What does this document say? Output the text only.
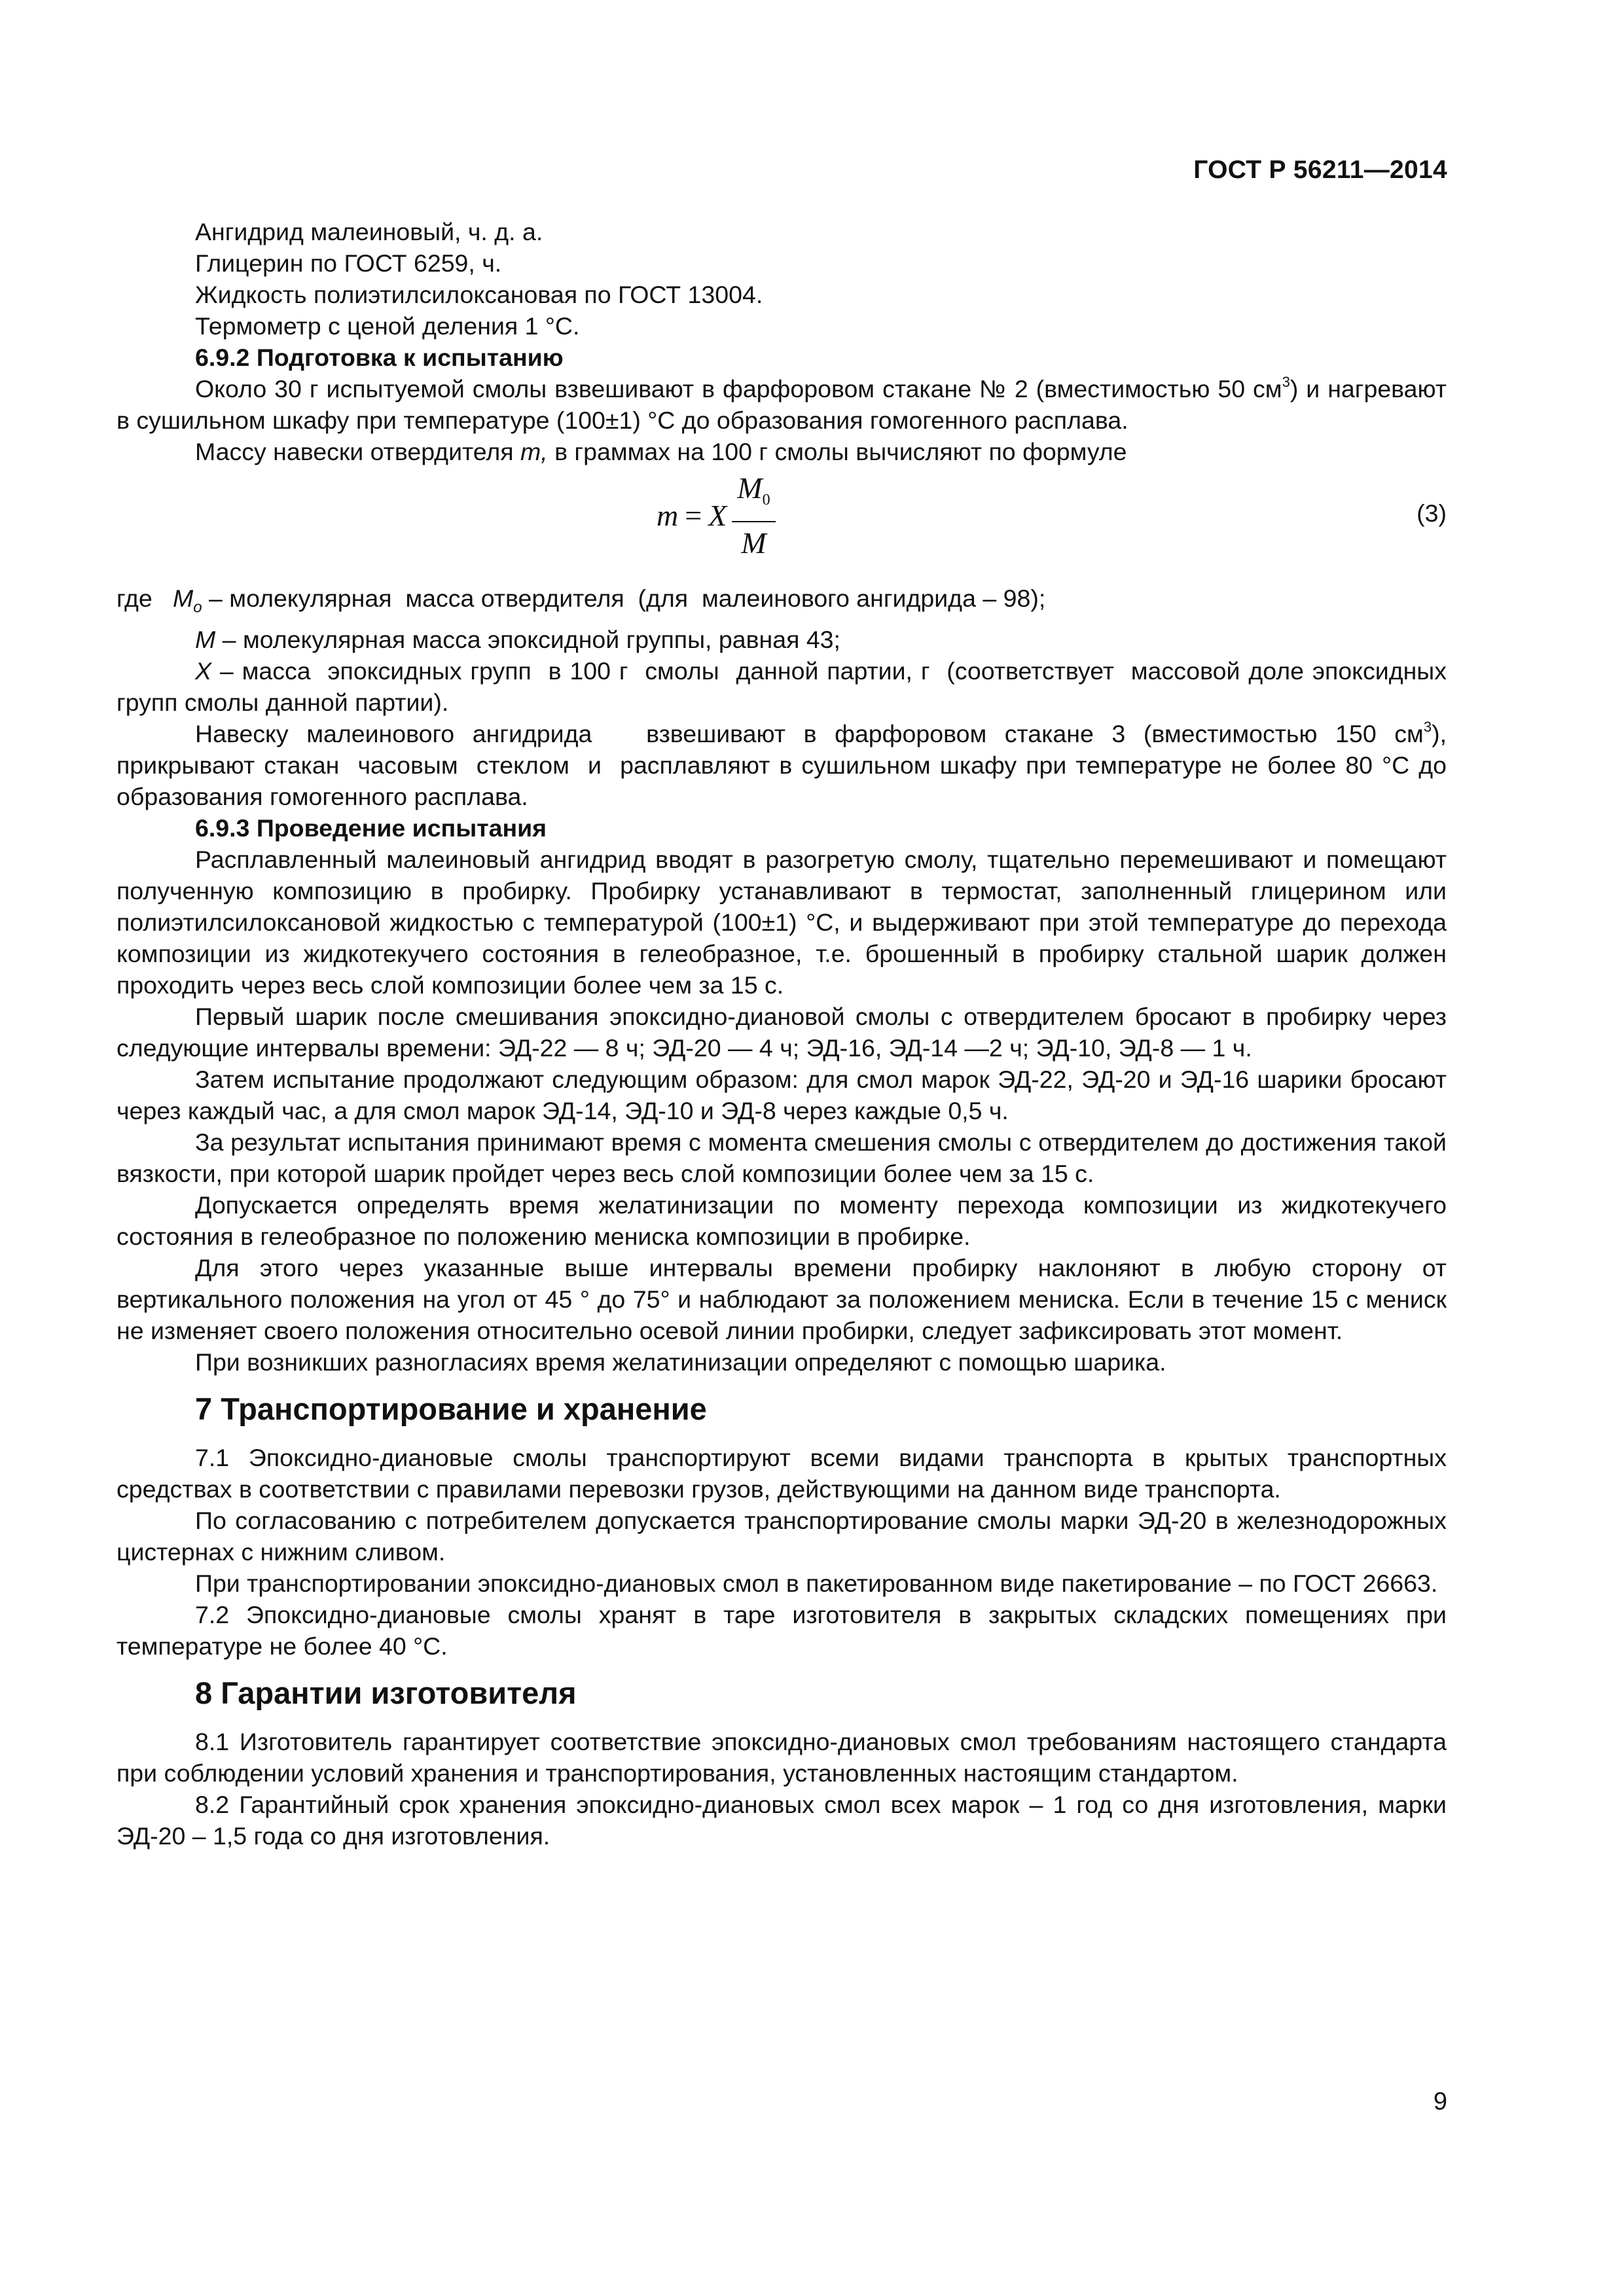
ГОСТ Р 56211—2014

Ангидрид малеиновый, ч. д. а.

Глицерин по ГОСТ 6259, ч.

Жидкость полиэтилсилоксановая по ГОСТ 13004.

Термометр с ценой деления 1 °С.

6.9.2 Подготовка к испытанию

Около 30 г испытуемой смолы взвешивают в фарфоровом стакане № 2 (вместимостью 50 $см^3$) и нагревают в сушильном шкафу при температуре (100±1) °С до образования гомогенного расплава.

Массу навески отвердителя m, в граммах на 100 г смолы вычисляют по формуле

m = X $\frac{M_0}{M}$	(3)

где   $M_o$ – молекулярная  масса отвердителя  (для  малеинового ангидрида – 98);

М – молекулярная масса эпоксидной группы, равная 43;

X – масса  эпоксидных групп  в 100 г  смолы  данной партии, г  (соответствует  массовой доле эпоксидных групп смолы данной партии).

Навеску малеинового ангидрида   взвешивают в фарфоровом стакане 3 (вместимостью 150 $см^3$),  прикрывают стакан  часовым  стеклом  и  расплавляют в сушильном шкафу при температуре не более 80 °С до образования гомогенного расплава.

6.9.3 Проведение испытания

Расплавленный малеиновый ангидрид вводят в разогретую смолу, тщательно перемешивают и помещают полученную композицию в пробирку. Пробирку устанавливают в термостат, заполненный глицерином или полиэтилсилоксановой жидкостью с температурой (100±1) °С, и выдерживают при этой температуре до перехода композиции из жидкотекучего состояния в гелеобразное, т.е. брошенный в пробирку стальной шарик должен проходить через весь слой композиции более чем за 15 с.

Первый шарик после смешивания эпоксидно-диановой смолы с отвердителем бросают в пробирку через следующие интервалы времени: ЭД-22 — 8 ч; ЭД-20 — 4 ч; ЭД-16, ЭД-14 —2 ч; ЭД-10, ЭД-8 — 1 ч.

Затем испытание продолжают следующим образом: для смол марок ЭД-22, ЭД-20 и ЭД-16 шарики бросают через каждый час, а для смол марок ЭД-14, ЭД-10 и ЭД-8 через каждые 0,5 ч.

За результат испытания принимают время с момента смешения смолы с отвердителем до достижения такой вязкости, при которой шарик пройдет через весь слой композиции более чем за 15 с.

Допускается определять время желатинизации по моменту перехода композиции из жидкотекучего состояния в гелеобразное по положению мениска композиции в пробирке.

Для этого через указанные выше интервалы времени пробирку наклоняют в любую сторону от вертикального положения на угол от 45 ° до 75° и наблюдают за положением мениска. Если в течение 15 с мениск не изменяет своего положения относительно осевой линии пробирки, следует зафиксировать этот момент.

При возникших разногласиях время желатинизации определяют с помощью шарика.

7 Транспортирование и хранение

7.1 Эпоксидно-диановые смолы транспортируют всеми видами транспорта в крытых транспортных средствах в соответствии с правилами перевозки грузов, действующими на данном виде транспорта.

По согласованию с потребителем допускается транспортирование смолы марки ЭД-20 в железнодорожных цистернах с нижним сливом.

При транспортировании эпоксидно-диановых смол в пакетированном виде пакетирование – по ГОСТ 26663.

7.2 Эпоксидно-диановые смолы хранят в таре изготовителя в закрытых складских помещениях при температуре не более 40 °С.

8 Гарантии изготовителя

8.1 Изготовитель гарантирует соответствие эпоксидно-диановых смол требованиям настоящего стандарта при соблюдении условий хранения и транспортирования, установленных настоящим стандартом.

8.2 Гарантийный срок хранения эпоксидно-диановых смол всех марок – 1 год со дня изготовления, марки ЭД-20 – 1,5 года со дня изготовления.

9
